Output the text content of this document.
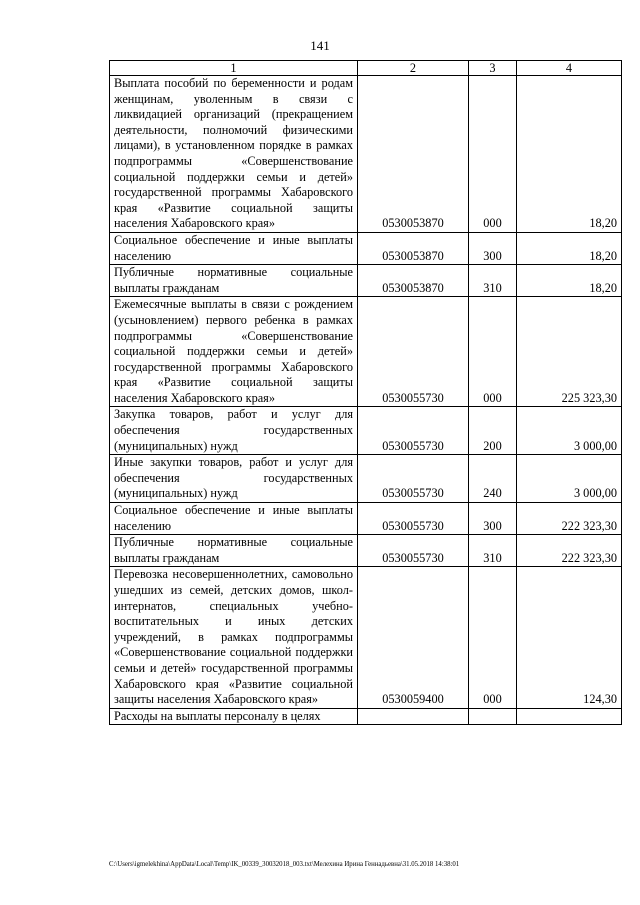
141
1	2	3	4
Выплата пособий по беременности и родам женщинам, уволенным в связи с ликвидацией организаций (прекращением деятельности, полномочий физическими лицами), в установленном порядке в рамках подпрограммы «Совершенствование социальной поддержки семьи и детей» государственной программы Хабаровского края «Развитие социальной защиты населения Хабаровского края»	0530053870	000	18,20
Социальное обеспечение и иные выплаты населению	0530053870	300	18,20
Публичные нормативные социальные выплаты гражданам	0530053870	310	18,20
Ежемесячные выплаты в связи с рождением (усыновлением) первого ребенка в рамках подпрограммы «Совершенствование социальной поддержки семьи и детей» государственной программы Хабаровского края «Развитие социальной защиты населения Хабаровского края»	0530055730	000	225 323,30
Закупка товаров, работ и услуг для обеспечения государственных (муниципальных) нужд	0530055730	200	3 000,00
Иные закупки товаров, работ и услуг для обеспечения государственных (муниципальных) нужд	0530055730	240	3 000,00
Социальное обеспечение и иные выплаты населению	0530055730	300	222 323,30
Публичные нормативные социальные выплаты гражданам	0530055730	310	222 323,30
Перевозка несовершеннолетних, самовольно ушедших из семей, детских домов, школ-интернатов, специальных учебно-воспитательных и иных детских учреждений, в рамках подпрограммы «Совершенствование социальной поддержки семьи и детей» государственной программы Хабаровского края «Развитие социальной защиты населения Хабаровского края»	0530059400	000	124,30
Расходы на выплаты персоналу в целях			
C:\Users\igmelekhina\AppData\Local\Temp\IK_00339_30032018_003.txt\Мелехина Ирина Геннадьевна\31.05.2018 14:38:01
